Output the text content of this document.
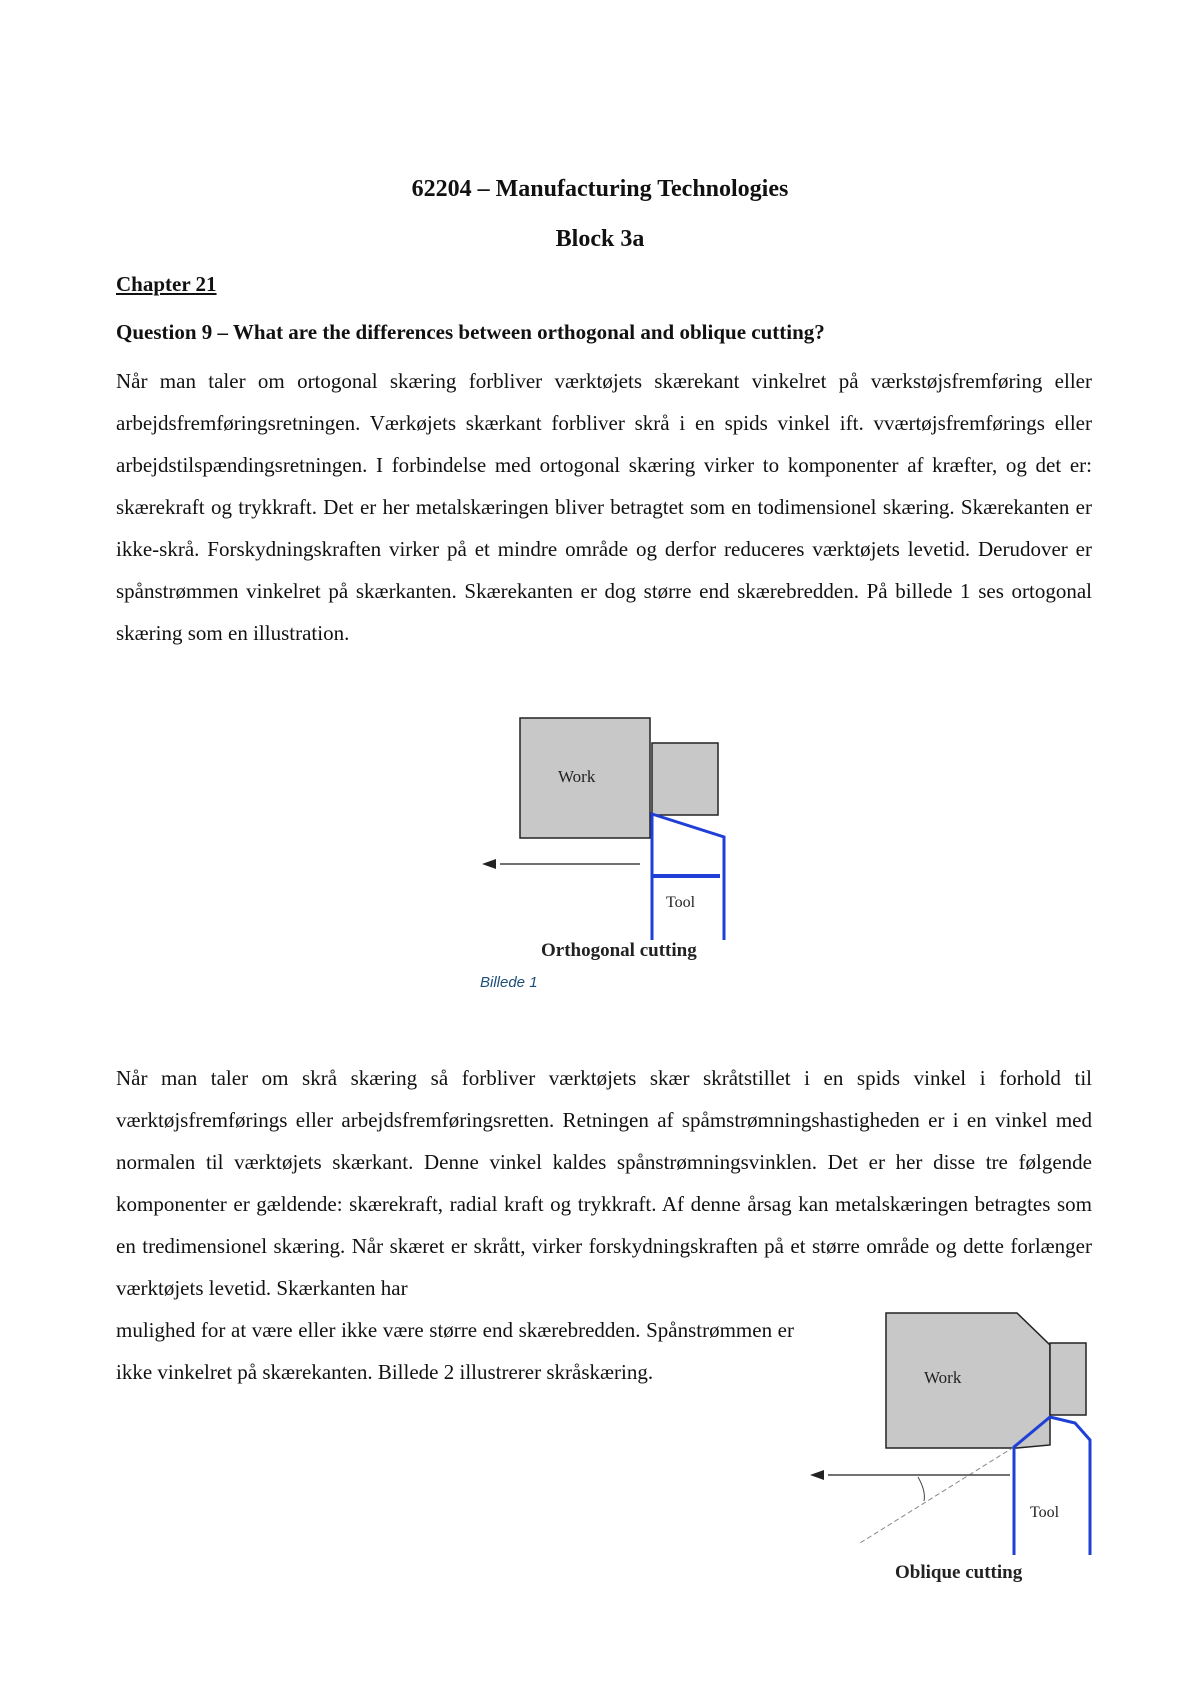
62204 – Manufacturing Technologies
Block 3a
Chapter 21
Question 9 – What are the differences between orthogonal and oblique cutting?

Når man taler om ortogonal skæring forbliver værktøjets skærekant vinkelret på værkstøjsfremføring eller arbejdsfremføringsretningen. Værkøjets skærkant forbliver skrå i en spids vinkel ift. vværtøjsfremførings eller arbejdstilspændingsretningen. I forbindelse med ortogonal skæring virker to komponenter af kræfter, og det er: skærekraft og trykkraft. Det er her metalskæringen bliver betragtet som en todimensionel skæring. Skærekanten er ikke-skrå. Forskydningskraften virker på et mindre område og derfor reduceres værktøjets levetid. Derudover er spånstrømmen vinkelret på skærkanten. Skærekanten er dog større end skærebredden. På billede 1 ses ortogonal skæring som en illustration.

Work
Tool
Orthogonal cutting
Billede 1

Når man taler om skrå skæring så forbliver værktøjets skær skråtstillet i en spids vinkel i forhold til værktøjsfremførings eller arbejdsfremføringsretten. Retningen af spåmstrømningshastigheden er i en vinkel med normalen til værktøjets skærkant. Denne vinkel kaldes spånstrømningsvinklen. Det er her disse tre følgende komponenter er gældende: skærekraft, radial kraft og trykkraft. Af denne årsag kan metalskæringen betragtes som en tredimensionel skæring. Når skæret er skrått, virker forskydningskraften på et større område og dette forlænger værktøjets levetid. Skærkanten har

mulighed for at være eller ikke være større end skærebredden. Spånstrømmen er ikke vinkelret på skærekanten. Billede 2 illustrerer skråskæring.	Work
Tool
Oblique cutting
